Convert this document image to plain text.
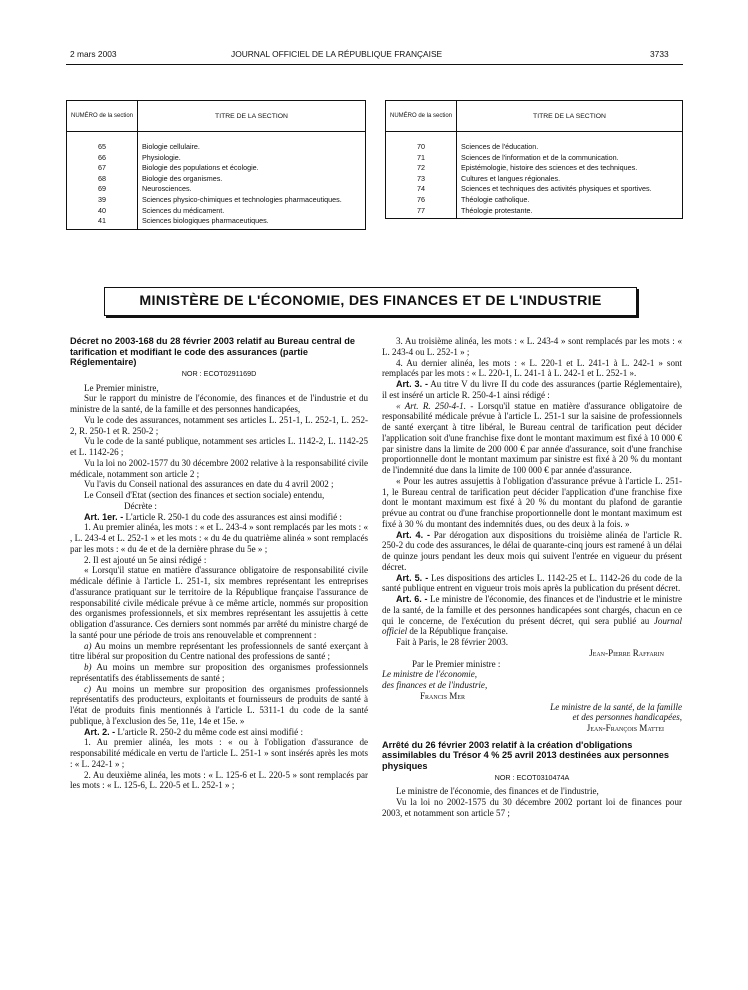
2 mars 2003	JOURNAL OFFICIEL DE LA RÉPUBLIQUE FRANÇAISE	3733
NUMÉRO de la section	TITRE DE LA SECTION
65	Biologie cellulaire.
66	Physiologie.
67	Biologie des populations et écologie.
68	Biologie des organismes.
69	Neurosciences.
39	Sciences physico-chimiques et technologies pharmaceutiques.
40	Sciences du médicament.
41	Sciences biologiques pharmaceutiques.

NUMÉRO de la section	TITRE DE LA SECTION
70	Sciences de l'éducation.
71	Sciences de l'information et de la communication.
72	Epistémologie, histoire des sciences et des techniques.
73	Cultures et langues régionales.
74	Sciences et techniques des activités physiques et sportives.
76	Théologie catholique.
77	Théologie protestante.

MINISTÈRE DE L'ÉCONOMIE, DES FINANCES ET DE L'INDUSTRIE

Décret no 2003-168 du 28 février 2003 relatif au Bureau central de tarification et modifiant le code des assurances (partie Réglementaire)

NOR : ECOT0291169D

Le Premier ministre,

Sur le rapport du ministre de l'économie, des finances et de l'industrie et du ministre de la santé, de la famille et des personnes handicapées,

Vu le code des assurances, notamment ses articles L. 251-1, L. 252-1, L. 252-2, R. 250-1 et R. 250-2 ;

Vu le code de la santé publique, notamment ses articles L. 1142-2, L. 1142-25 et L. 1142-26 ;

Vu la loi no 2002-1577 du 30 décembre 2002 relative à la responsabilité civile médicale, notamment son article 2 ;

Vu l'avis du Conseil national des assurances en date du 4 avril 2002 ;

Le Conseil d'Etat (section des finances et section sociale) entendu,

Décrète :

Art. 1er. - L'article R. 250-1 du code des assurances est ainsi modifié :

1. Au premier alinéa, les mots : « et L. 243-4 » sont remplacés par les mots : « , L. 243-4 et L. 252-1 » et les mots : « du 4e du quatrième alinéa » sont remplacés par les mots : « du 4e et de la dernière phrase du 5e » ;

2. Il est ajouté un 5e ainsi rédigé :

« Lorsqu'il statue en matière d'assurance obligatoire de responsabilité civile médicale définie à l'article L. 251-1, six membres représentant les entreprises d'assurance pratiquant sur le territoire de la République française l'assurance de responsabilité civile médicale prévue à ce même article, nommés sur proposition des organismes professionnels, et six membres représentant les assujettis à cette obligation d'assurance. Ces derniers sont nommés par arrêté du ministre chargé de la santé pour une période de trois ans renouvelable et comprennent :

a) Au moins un membre représentant les professionnels de santé exerçant à titre libéral sur proposition du Centre national des professions de santé ;

b) Au moins un membre sur proposition des organismes professionnels représentatifs des établissements de santé ;

c) Au moins un membre sur proposition des organismes professionnels représentatifs des producteurs, exploitants et fournisseurs de produits de santé à l'état de produits finis mentionnés à l'article L. 5311-1 du code de la santé publique, à l'exclusion des 5e, 11e, 14e et 15e. »

Art. 2. - L'article R. 250-2 du même code est ainsi modifié :

1. Au premier alinéa, les mots : « ou à l'obligation d'assurance de responsabilité médicale en vertu de l'article L. 251-1 » sont insérés après les mots : « L. 242-1 » ;

2. Au deuxième alinéa, les mots : « L. 125-6 et L. 220-5 » sont remplacés par les mots : « L. 125-6, L. 220-5 et L. 252-1 » ;

3. Au troisième alinéa, les mots : « L. 243-4 » sont remplacés par les mots : « L. 243-4 ou L. 252-1 » ;

4. Au dernier alinéa, les mots : « L. 220-1 et L. 241-1 à L. 242-1 » sont remplacés par les mots : « L. 220-1, L. 241-1 à L. 242-1 et L. 252-1 ».

Art. 3. - Au titre V du livre II du code des assurances (partie Réglementaire), il est inséré un article R. 250-4-1 ainsi rédigé :

« Art. R. 250-4-1. - Lorsqu'il statue en matière d'assurance obligatoire de responsabilité médicale prévue à l'article L. 251-1 sur la saisine de professionnels de santé exerçant à titre libéral, le Bureau central de tarification peut décider l'application soit d'une franchise fixe dont le montant maximum est fixé à 10 000 € par sinistre dans la limite de 200 000 € par année d'assurance, soit d'une franchise proportionnelle dont le montant maximum par sinistre est fixé à 20 % du montant de l'indemnité due dans la limite de 100 000 € par année d'assurance.

« Pour les autres assujettis à l'obligation d'assurance prévue à l'article L. 251-1, le Bureau central de tarification peut décider l'application d'une franchise fixe dont le montant maximum est fixé à 20 % du montant du plafond de garantie prévue au contrat ou d'une franchise proportionnelle dont le montant maximum est fixé à 30 % du montant des indemnités dues, ou des deux à la fois. »

Art. 4. - Par dérogation aux dispositions du troisième alinéa de l'article R. 250-2 du code des assurances, le délai de quarante-cinq jours est ramené à un délai de quinze jours pendant les deux mois qui suivent l'entrée en vigueur du présent décret.

Art. 5. - Les dispositions des articles L. 1142-25 et L. 1142-26 du code de la santé publique entrent en vigueur trois mois après la publication du présent décret.

Art. 6. - Le ministre de l'économie, des finances et de l'industrie et le ministre de la santé, de la famille et des personnes handicapées sont chargés, chacun en ce qui le concerne, de l'exécution du présent décret, qui sera publié au Journal officiel de la République française.

Fait à Paris, le 28 février 2003.

Jean-Pierre Raffarin

Par le Premier ministre :

Le ministre de l'économie,

des finances et de l'industrie,

Francis Mer

Le ministre de la santé, de la famille

et des personnes handicapées,

Jean-François Mattei

Arrêté du 26 février 2003 relatif à la création d'obligations assimilables du Trésor 4 % 25 avril 2013 destinées aux personnes physiques

NOR : ECOT0310474A

Le ministre de l'économie, des finances et de l'industrie,

Vu la loi no 2002-1575 du 30 décembre 2002 portant loi de finances pour 2003, et notamment son article 57 ;
